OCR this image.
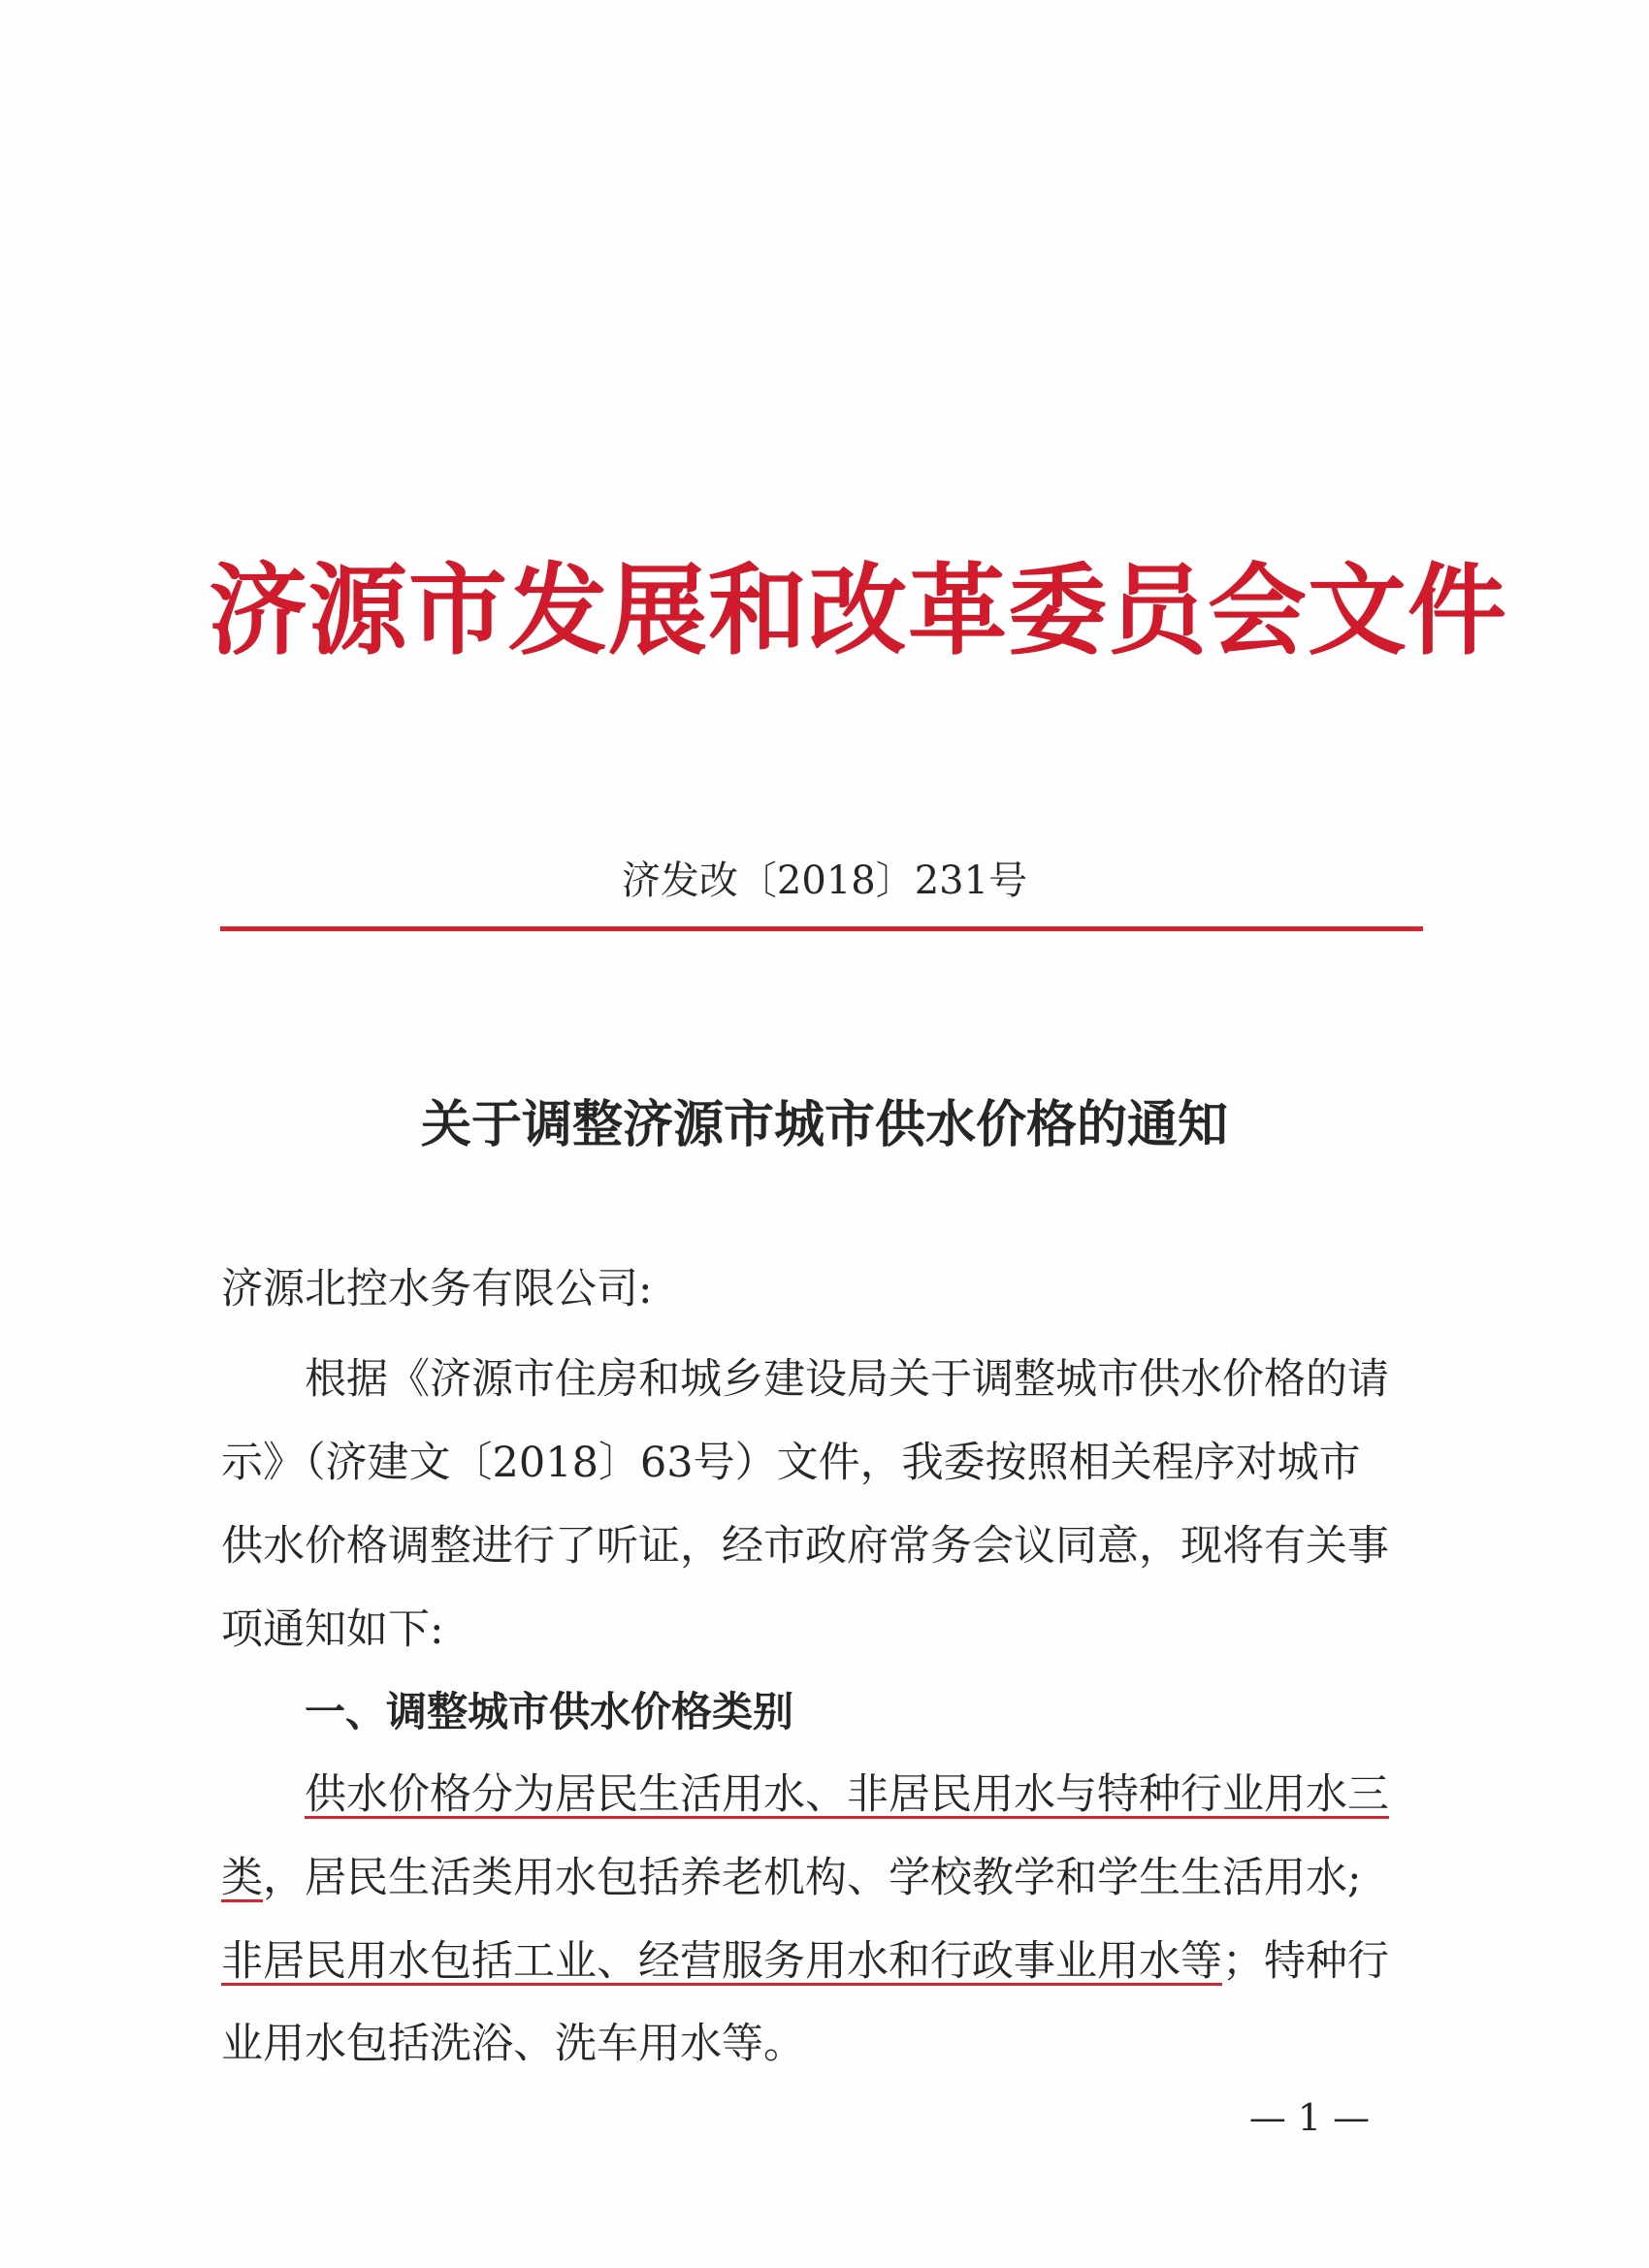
济源市发展和改革委员会文件
济发改〔2018〕231号
关于调整济源市城市供水价格的通知
济源北控水务有限公司:
根据《济源市住房和城乡建设局关于调整城市供水价格的请
示》（济建文〔2018〕63号）文件，我委按照相关程序对城市
供水价格调整进行了听证，经市政府常务会议同意，现将有关事
项通知如下:
一、调整城市供水价格类别
供水价格分为居民生活用水、非居民用水与特种行业用水三
类，居民生活类用水包括养老机构、学校教学和学生生活用水;
非居民用水包括工业、经营服务用水和行政事业用水等；特种行
业用水包括洗浴、洗车用水等。
— 1 —
